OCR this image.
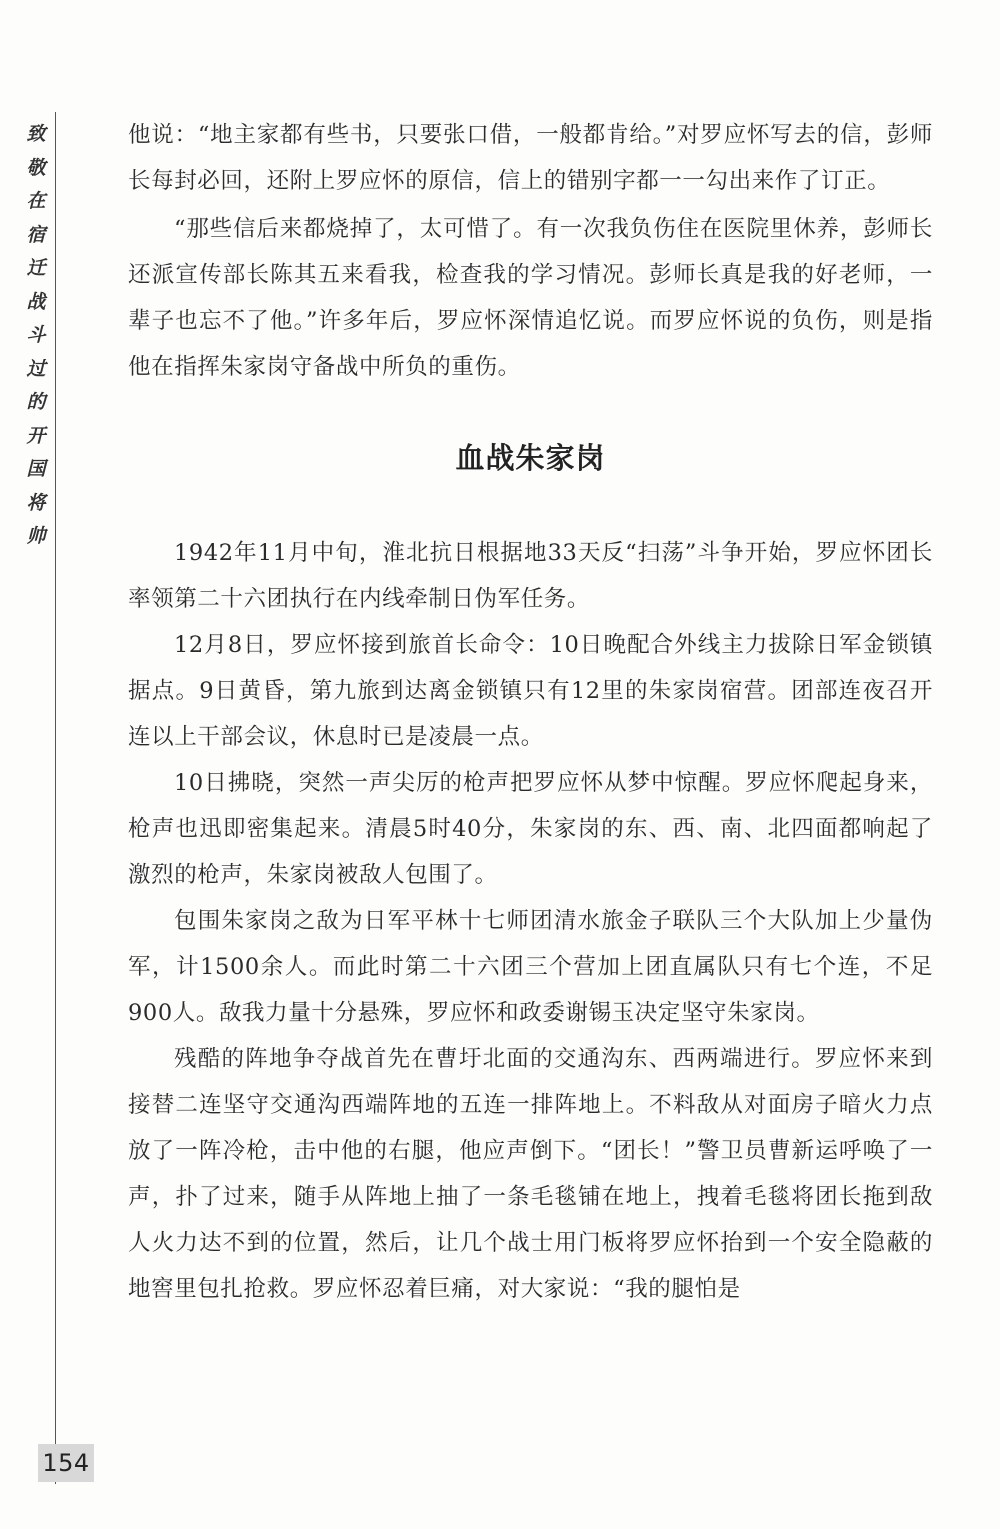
致
敬
在
宿
迁
战
斗
过
的
开
国
将
帅

他说：“地主家都有些书，只要张口借，一般都肯给。”对罗应怀写去的信，彭师长每封必回，还附上罗应怀的原信，信上的错别字都一一勾出来作了订正。

“那些信后来都烧掉了，太可惜了。有一次我负伤住在医院里休养，彭师长还派宣传部长陈其五来看我，检查我的学习情况。彭师长真是我的好老师，一辈子也忘不了他。”许多年后，罗应怀深情追忆说。而罗应怀说的负伤，则是指他在指挥朱家岗守备战中所负的重伤。

血战朱家岗

1942年11月中旬，淮北抗日根据地33天反“扫荡”斗争开始，罗应怀团长率领第二十六团执行在内线牵制日伪军任务。

12月8日，罗应怀接到旅首长命令：10日晚配合外线主力拔除日军金锁镇据点。9日黄昏，第九旅到达离金锁镇只有12里的朱家岗宿营。团部连夜召开连以上干部会议，休息时已是凌晨一点。

10日拂晓，突然一声尖厉的枪声把罗应怀从梦中惊醒。罗应怀爬起身来，枪声也迅即密集起来。清晨5时40分，朱家岗的东、西、南、北四面都响起了激烈的枪声，朱家岗被敌人包围了。

包围朱家岗之敌为日军平林十七师团清水旅金子联队三个大队加上少量伪军，计1500余人。而此时第二十六团三个营加上团直属队只有七个连，不足900人。敌我力量十分悬殊，罗应怀和政委谢锡玉决定坚守朱家岗。

残酷的阵地争夺战首先在曹圩北面的交通沟东、西两端进行。罗应怀来到接替二连坚守交通沟西端阵地的五连一排阵地上。不料敌从对面房子暗火力点放了一阵冷枪，击中他的右腿，他应声倒下。“团长！”警卫员曹新运呼唤了一声，扑了过来，随手从阵地上抽了一条毛毯铺在地上，拽着毛毯将团长拖到敌人火力达不到的位置，然后，让几个战士用门板将罗应怀抬到一个安全隐蔽的地窖里包扎抢救。罗应怀忍着巨痛，对大家说：“我的腿怕是

154
